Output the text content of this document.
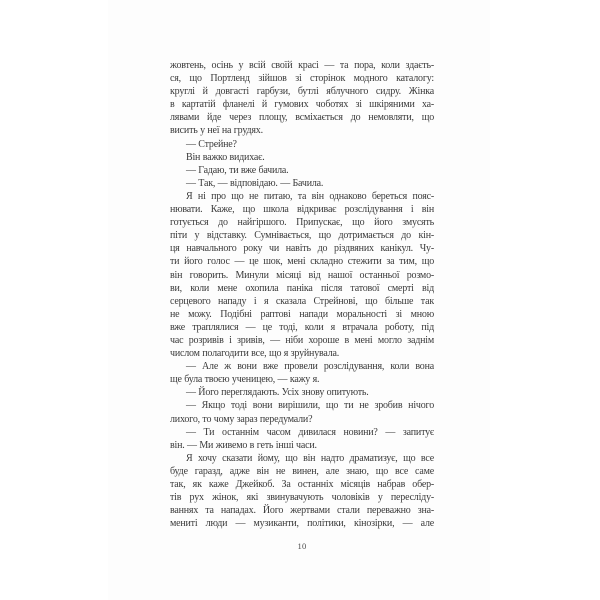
жовтень, осінь у всій своїй красі — та пора, коли здаєть-
ся, що Портленд зійшов зі сторінок модного каталогу:
круглі й довгасті гарбузи, бутлі яблучного сидру. Жінка
в картатій фланелі й гумових чоботях зі шкіряними ха-
лявами йде через площу, всміхається до немовляти, що
висить у неї на грудях.
— Стрейне?
Він важко видихає.
— Гадаю, ти вже бачила.
— Так, — відповідаю. — Бачила.
Я ні про що не питаю, та він однаково береться пояс-
нювати. Каже, що школа відкриває розслідування і він
готується до найгіршого. Припускає, що його змусять
піти у відставку. Сумнівається, що дотримається до кін-
ця навчального року чи навіть до різдвяних канікул. Чу-
ти його голос — це шок, мені складно стежити за тим, що
він говорить. Минули місяці від нашої останньої розмо-
ви, коли мене охопила паніка після татової смерті від
серцевого нападу і я сказала Стрейнові, що більше так
не можу. Подібні раптові напади моральності зі мною
вже траплялися — це тоді, коли я втрачала роботу, під
час розривів і зривів, — ніби хороше в мені могло заднім
числом полагодити все, що я зруйнувала.
— Але ж вони вже провели розслідування, коли вона
ще була твоєю ученицею, — кажу я.
— Його переглядають. Усіх знову опитують.
— Якщо тоді вони вирішили, що ти не зробив нічого
лихого, то чому зараз передумали?
— Ти останнім часом дивилася новини? — запитує
він. — Ми живемо в геть інші часи.
Я хочу сказати йому, що він надто драматизує, що все
буде гаразд, адже він не винен, але знаю, що все саме
так, як каже Джейкоб. За останніх місяців набрав обер-
тів рух жінок, які звинувачують чоловіків у пересліду-
ваннях та нападах. Його жертвами стали переважно зна-
мениті люди — музиканти, політики, кінозірки, — але
10
